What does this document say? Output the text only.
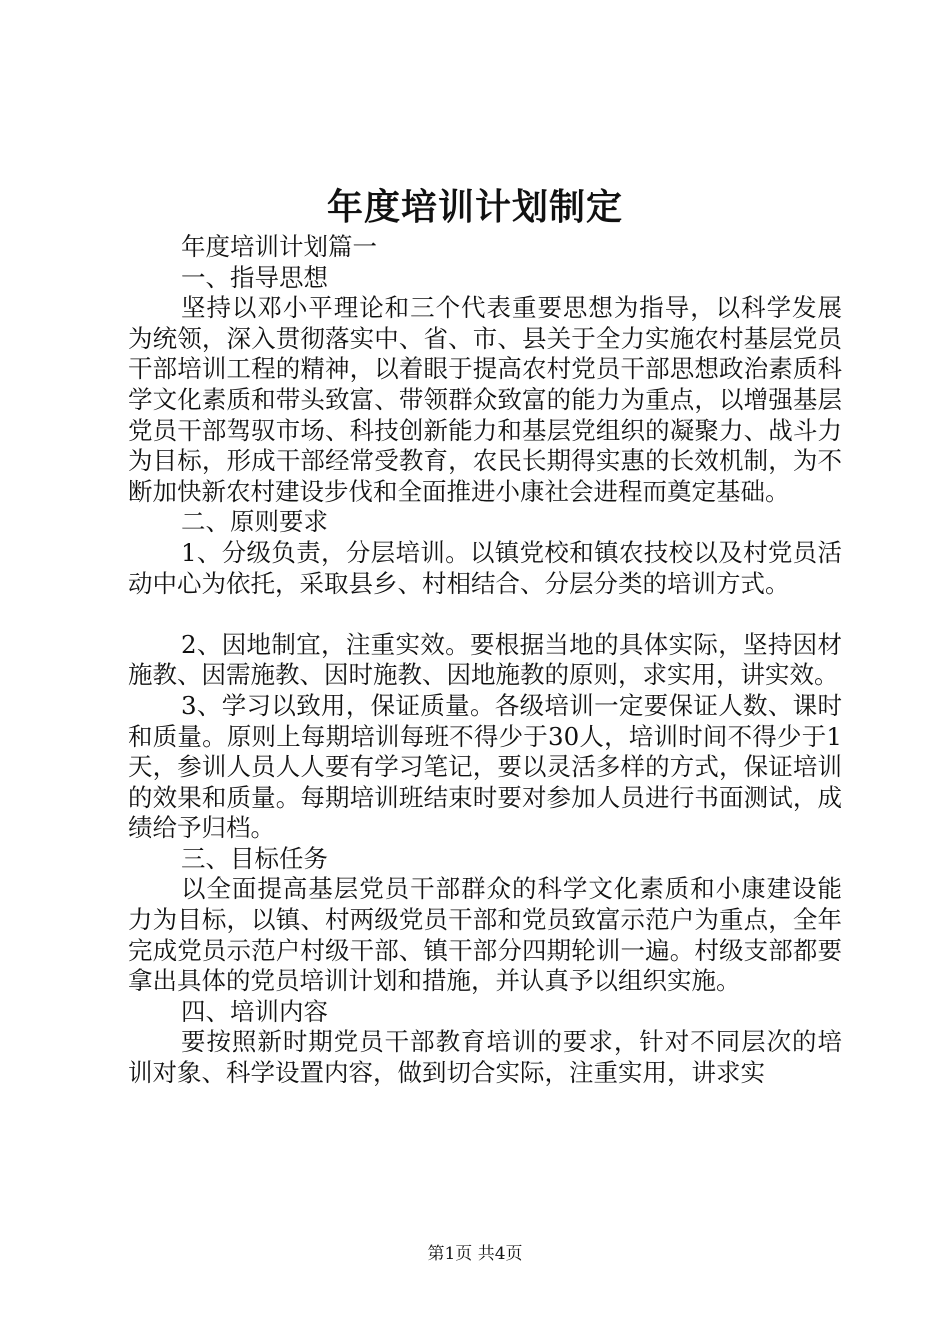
年度培训计划制定

年度培训计划篇一

一、指导思想

坚持以邓小平理论和三个代表重要思想为指导，以科学发展为统领，深入贯彻落实中、省、市、县关于全力实施农村基层党员干部培训工程的精神，以着眼于提高农村党员干部思想政治素质科学文化素质和带头致富、带领群众致富的能力为重点，以增强基层党员干部驾驭市场、科技创新能力和基层党组织的凝聚力、战斗力为目标，形成干部经常受教育，农民长期得实惠的长效机制，为不断加快新农村建设步伐和全面推进小康社会进程而奠定基础。

二、原则要求

1、分级负责，分层培训。以镇党校和镇农技校以及村党员活动中心为依托，采取县乡、村相结合、分层分类的培训方式。

2、因地制宜，注重实效。要根据当地的具体实际，坚持因材施教、因需施教、因时施教、因地施教的原则，求实用，讲实效。

3、学习以致用，保证质量。各级培训一定要保证人数、课时和质量。原则上每期培训每班不得少于30人，培训时间不得少于1天，参训人员人人要有学习笔记，要以灵活多样的方式，保证培训的效果和质量。每期培训班结束时要对参加人员进行书面测试，成绩给予归档。

三、目标任务

以全面提高基层党员干部群众的科学文化素质和小康建设能力为目标，以镇、村两级党员干部和党员致富示范户为重点，全年完成党员示范户村级干部、镇干部分四期轮训一遍。村级支部都要拿出具体的党员培训计划和措施，并认真予以组织实施。

四、培训内容

要按照新时期党员干部教育培训的要求，针对不同层次的培训对象、科学设置内容，做到切合实际，注重实用，讲求实

第1页 共4页
